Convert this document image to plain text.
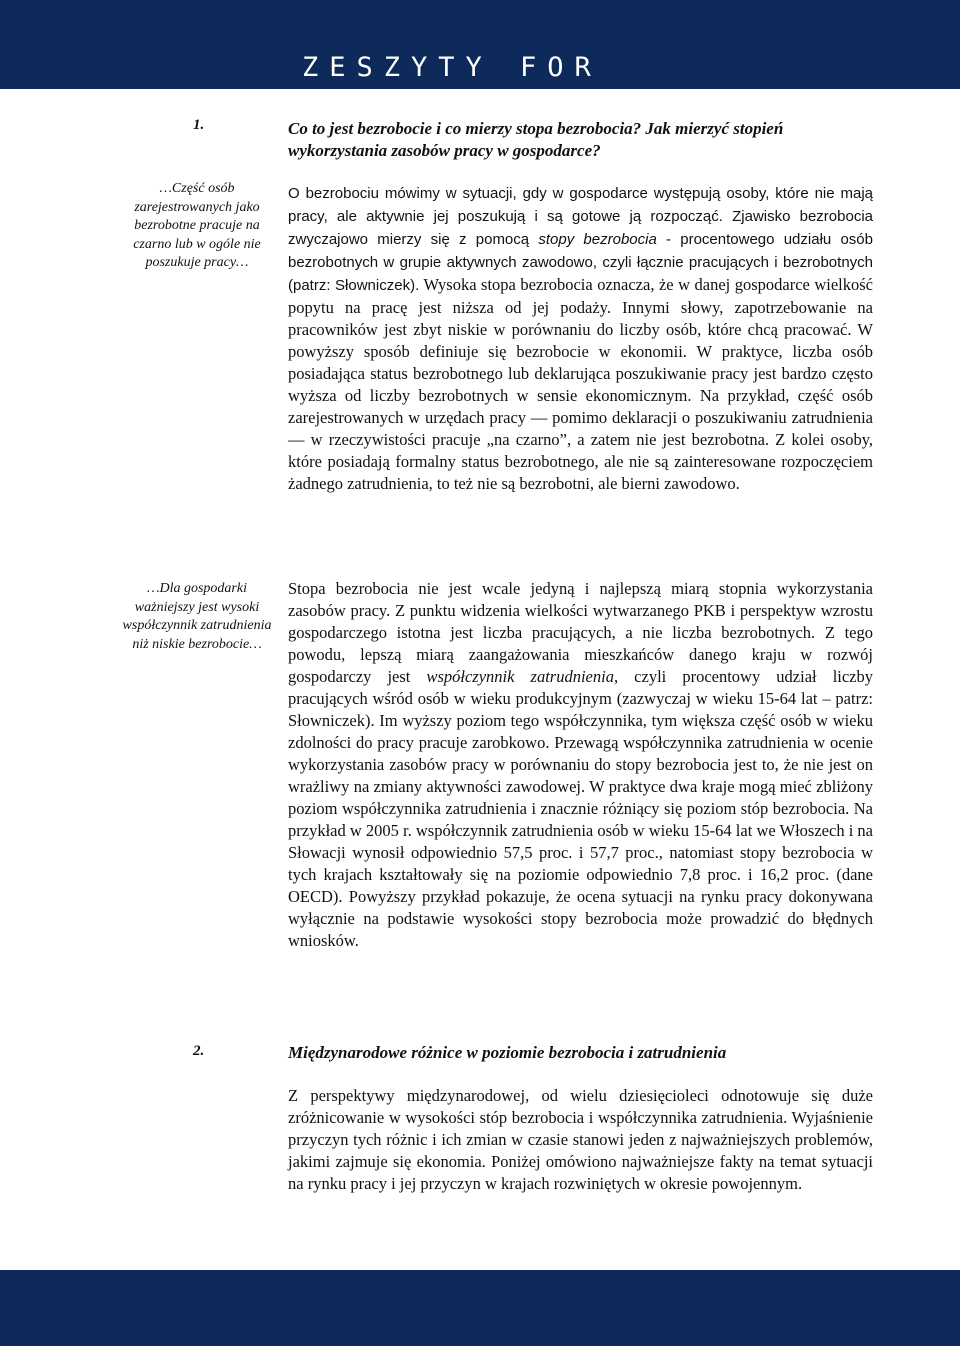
ZESZYTY FOR
1.	Co to jest bezrobocie i co mierzy stopa bezrobocia? Jak mierzyć stopień wykorzystania zasobów pracy w gospodarce?
…Część osób zarejestrowanych jako bezrobotne pracuje na czarno lub w ogóle nie poszukuje pracy…

O bezrobociu mówimy w sytuacji, gdy w gospodarce występują osoby, które nie mają pracy, ale aktywnie jej poszukują i są gotowe ją rozpocząć. Zjawisko bezrobocia zwyczajowo mierzy się z pomocą stopy bezrobocia - procentowego udziału osób bezrobotnych w grupie aktywnych zawodowo, czyli łącznie pracujących i bezrobotnych (patrz: Słowniczek). Wysoka stopa bezrobocia oznacza, że w danej gospodarce wielkość popytu na pracę jest niższa od jej podaży. Innymi słowy, zapotrzebowanie na pracowników jest zbyt niskie w porównaniu do liczby osób, które chcą pracować. W powyższy sposób definiuje się bezrobocie w ekonomii. W praktyce, liczba osób posiadająca status bezrobotnego lub deklarująca poszukiwanie pracy jest bardzo często wyższa od liczby bezrobotnych w sensie ekonomicznym. Na przykład, część osób zarejestrowanych w urzędach pracy — pomimo deklaracji o poszukiwaniu zatrudnienia — w rzeczywistości pracuje „na czarno”, a zatem nie jest bezrobotna. Z kolei osoby, które posiadają formalny status bezrobotnego, ale nie są zainteresowane rozpoczęciem żadnego zatrudnienia, to też nie są bezrobotni, ale bierni zawodowo.

…Dla gospodarki ważniejszy jest wysoki współczynnik zatrudnienia niż niskie bezrobocie…

Stopa bezrobocia nie jest wcale jedyną i najlepszą miarą stopnia wykorzystania zasobów pracy. Z punktu widzenia wielkości wytwarzanego PKB i perspektyw wzrostu gospodarczego istotna jest liczba pracujących, a nie liczba bezrobotnych. Z tego powodu, lepszą miarą zaangażowania mieszkańców danego kraju w rozwój gospodarczy jest współczynnik zatrudnienia, czyli procentowy udział liczby pracujących wśród osób w wieku produkcyjnym (zazwyczaj w wieku 15-64 lat – patrz: Słowniczek). Im wyższy poziom tego współczynnika, tym większa część osób w wieku zdolności do pracy pracuje zarobkowo. Przewagą współczynnika zatrudnienia w ocenie wykorzystania zasobów pracy w porównaniu do stopy bezrobocia jest to, że nie jest on wrażliwy na zmiany aktywności zawodowej. W praktyce dwa kraje mogą mieć zbliżony poziom współczynnika zatrudnienia i znacznie różniący się poziom stóp bezrobocia. Na przykład w 2005 r. współczynnik zatrudnienia osób w wieku 15-64 lat we Włoszech i na Słowacji wynosił odpowiednio 57,5 proc. i 57,7 proc., natomiast stopy bezrobocia w tych krajach kształtowały się na poziomie odpowiednio 7,8 proc. i 16,2 proc. (dane OECD). Powyższy przykład pokazuje, że ocena sytuacji na rynku pracy dokonywana wyłącznie na podstawie wysokości stopy bezrobocia może prowadzić do błędnych wniosków.

2.	Międzynarodowe różnice w poziomie bezrobocia i zatrudnienia

Z perspektywy międzynarodowej, od wielu dziesięcioleci odnotowuje się duże zróżnicowanie w wysokości stóp bezrobocia i współczynnika zatrudnienia. Wyjaśnienie przyczyn tych różnic i ich zmian w czasie stanowi jeden z najważniejszych problemów, jakimi zajmuje się ekonomia. Poniżej omówiono najważniejsze fakty na temat sytuacji na rynku pracy i jej przyczyn w krajach rozwiniętych w okresie powojennym.
